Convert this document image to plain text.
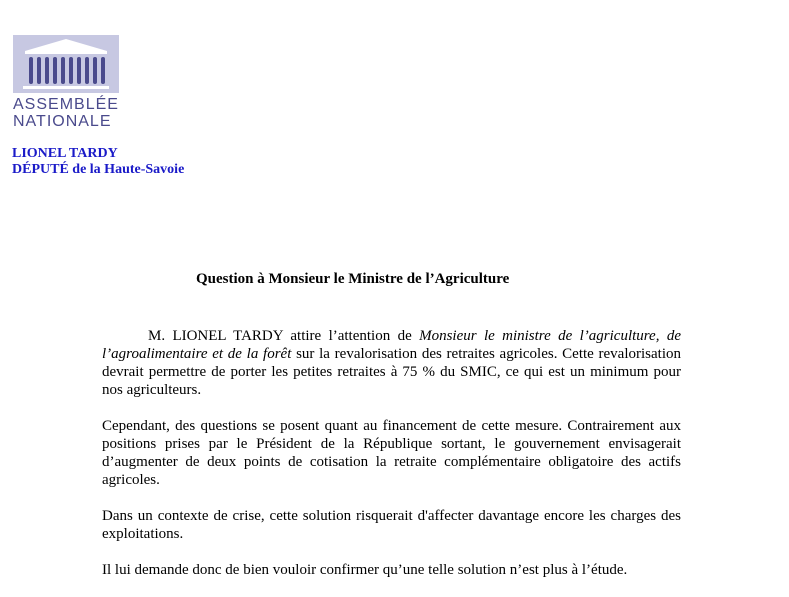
ASSEMBLÉE
NATIONALE
LIONEL TARDY
DÉPUTÉ de la Haute-Savoie
Question à Monsieur le Ministre de l’Agriculture

M. LIONEL TARDY attire l’attention de Monsieur le ministre de l’agriculture, de l’agroalimentaire et de la forêt sur la revalorisation des retraites agricoles. Cette revalorisation devrait permettre de porter les petites retraites à 75 % du SMIC, ce qui est un minimum pour nos agriculteurs.

Cependant, des questions se posent quant au financement de cette mesure. Contrairement aux positions prises par le Président de la République sortant, le gouvernement envisagerait d’augmenter de deux points de cotisation la retraite complémentaire obligatoire des actifs agricoles.

Dans un contexte de crise, cette solution risquerait d'affecter davantage encore les charges des exploitations.

Il lui demande donc de bien vouloir confirmer qu’une telle solution n’est plus à l’étude.
